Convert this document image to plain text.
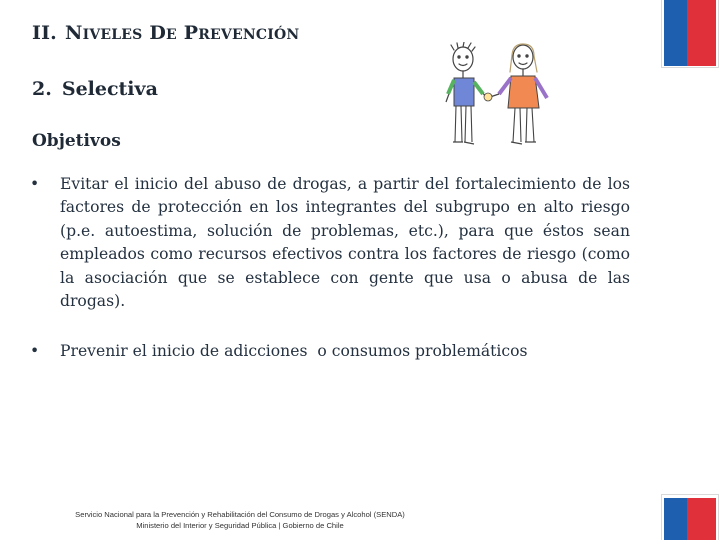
II. NIVELES DE PREVENCIÓN
2. Selectiva
Objetivos
• Evitar el inicio del abuso de drogas, a partir del fortalecimiento de los factores de protección en los integrantes del subgrupo en alto riesgo (p.e. autoestima, solución de problemas, etc.), para que éstos sean empleados como recursos efectivos contra los factores de riesgo (como la asociación que se establece con gente que usa o abusa de las drogas).
• Prevenir el inicio de adicciones  o consumos problemáticos
Servicio Nacional para la Prevención y Rehabilitación del Consumo de Drogas y Alcohol (SENDA)
Ministerio del Interior y Seguridad Pública | Gobierno de Chile
